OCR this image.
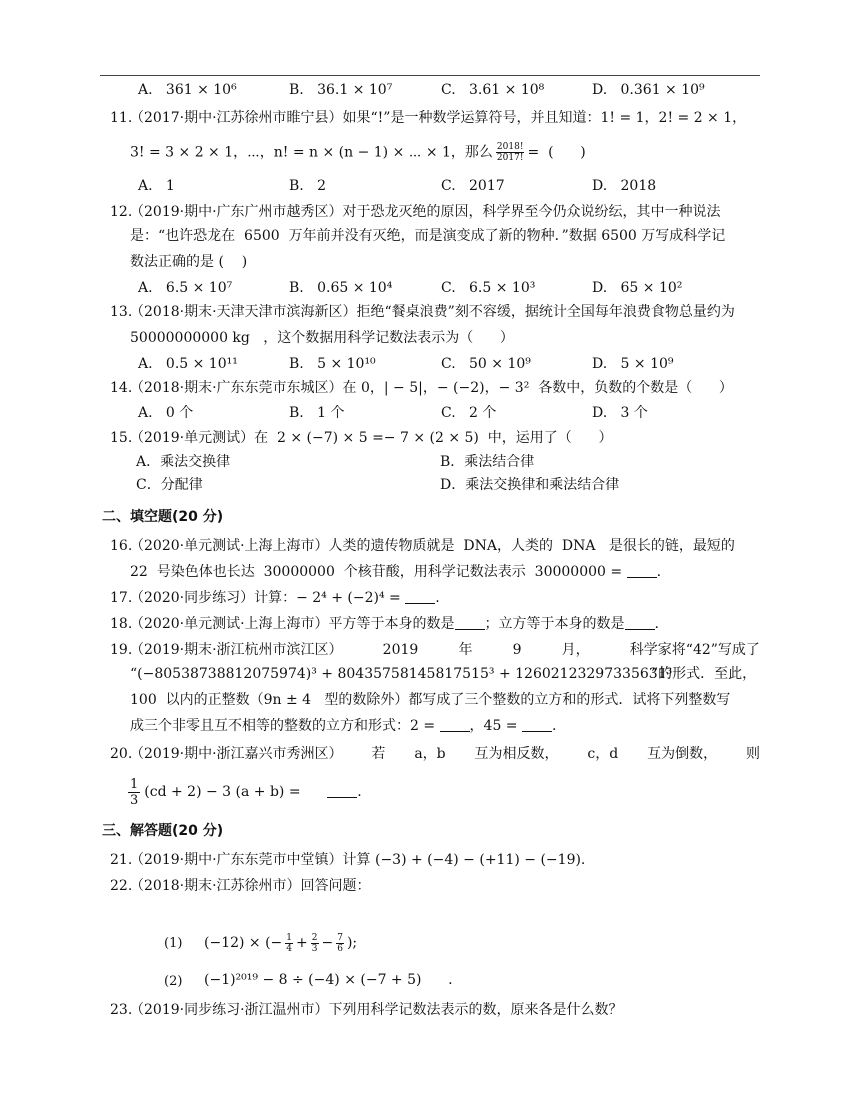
A.   361 × 10⁶	B.   36.1 × 10⁷	C.   3.61 × 10⁸	D.   0.361 × 10⁹
11.
（2017·期中·江苏徐州市睢宁县）如果“!”是一种数学运算符号，并且知道：1! = 1，2! = 2 × 1，
3! = 3 × 2 × 1，⋯，n! = n × (n − 1) × ⋯ × 1，那么 $\frac{2018!}{2017!}$ =  (      )
A.   1	B.   2	C.   2017	D.   2018
12.
（2019·期中·广东广州市越秀区）对于恐龙灭绝的原因，科学界至今仍众说纷纭，其中一种说法
是：“也许恐龙在  6500  万年前并没有灭绝，而是演变成了新的物种．”数据 6500 万写成科学记
数法正确的是 (    )
A.   6.5 × 10⁷	B.   0.65 × 10⁴	C.   6.5 × 10³	D.   65 × 10²
13.
（2018·期末·天津天津市滨海新区）拒绝“餐桌浪费”刻不容缓，据统计全国每年浪费食物总量约为
50000000000 kg   ，这个数据用科学记数法表示为（      ）
A.   0.5 × 10¹¹	B.   5 × 10¹⁰	C.   50 × 10⁹	D.   5 × 10⁹
14.
（2018·期末·广东东莞市东城区）在 0，| − 5|，− (−2)，− 3²  各数中，负数的个数是（      ）
A.   0 个	B.   1 个	C.   2 个	D.   3 个
15.
（2019·单元测试）在  2 × (−7) × 5 =− 7 × (2 × 5)  中，运用了（      ）
A．乘法交换律	B．乘法结合律
C．分配律	D．乘法交换律和乘法结合律
二、填空题(20 分)
16.
（2020·单元测试·上海上海市）人类的遗传物质就是  DNA，人类的  DNA   是很长的链，最短的
22  号染色体也长达  30000000  个核苷酸，用科学记数法表示  30000000 = .
17.
（2020·同步练习）计算：− 2⁴ + (−2)⁴ = .
18.
（2020·单元测试·上海上海市）平方等于本身的数是 ；立方等于本身的数是 .
19.
（2019·期末·浙江杭州市滨江区）	2019	年	9	月，	科学家将“42”写成了
“(−80538738812075974)³ + 80435758145817515³ + 12602123297335631³
”的形式．至此，
100  以内的正整数（9n ± 4   型的数除外）都写成了三个整数的立方和的形式．试将下列整数写
成三个非零且互不相等的整数的立方和形式：2 = ，45 = .
20.
（2019·期中·浙江嘉兴市秀洲区） 若 a，b 互为相反数， c，d 互为倒数， 则
$\frac{1}{3} (cd + 2) - 3$ (a + b) =	.
三、解答题(20 分)
21.
（2019·期中·广东东莞市中堂镇）计算 (−3) + (−4) − (+11) − (−19).
22.
（2018·期末·江苏徐州市）回答问题：
(1) (−12) × (− $\frac{1}{4} + \frac{2}{3} - \frac{7}{6}$ );
(2) (−1)²⁰¹⁹ − 8 ÷ (−4) × (−7 + 5)      .
23.
（2019·同步练习·浙江温州市）下列用科学记数法表示的数，原来各是什么数？
